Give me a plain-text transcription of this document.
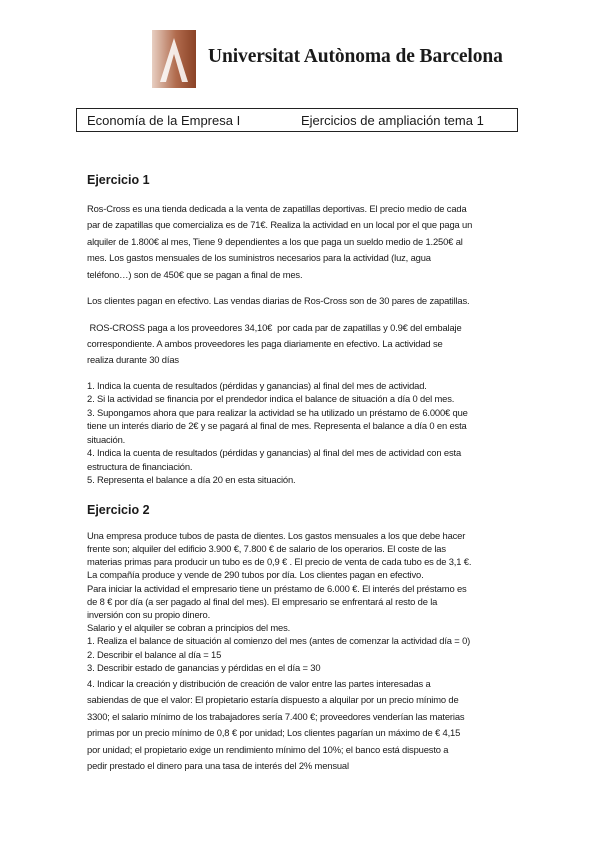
Universitat Autònoma de Barcelona
Economía de la Empresa I	Ejercicios de ampliación tema 1
Ejercicio 1
Ros-Cross es una tienda dedicada a la venta de zapatillas deportivas. El precio medio de cada
par de zapatillas que comercializa es de 71€. Realiza la actividad en un local por el que paga un
alquiler de 1.800€ al mes, Tiene 9 dependientes a los que paga un sueldo medio de 1.250€ al
mes. Los gastos mensuales de los suministros necesarios para la actividad (luz, agua
teléfono…) son de 450€ que se pagan a final de mes.

Los clientes pagan en efectivo. Las vendas diarias de Ros-Cross son de 30 pares de zapatillas.

ROS-CROSS paga a los proveedores 34,10€  por cada par de zapatillas y 0.9€ del embalaje
correspondiente. A ambos proveedores les paga diariamente en efectivo. La actividad se
realiza durante 30 días
1. Indica la cuenta de resultados (pérdidas y ganancias) al final del mes de actividad.
2. Si la actividad se financia por el prendedor indica el balance de situación a día 0 del mes.
3. Supongamos ahora que para realizar la actividad se ha utilizado un préstamo de 6.000€ que
tiene un interés diario de 2€ y se pagará al final de mes. Representa el balance a día 0 en esta
situación.
4. Indica la cuenta de resultados (pérdidas y ganancias) al final del mes de actividad con esta
estructura de financiación.
5. Representa el balance a día 20 en esta situación.
Ejercicio 2
Una empresa produce tubos de pasta de dientes. Los gastos mensuales a los que debe hacer
frente son; alquiler del edificio 3.900 €, 7.800 € de salario de los operarios. El coste de las
materias primas para producir un tubo es de 0,9 € . El precio de venta de cada tubo es de 3,1 €.
La compañía produce y vende de 290 tubos por día. Los clientes pagan en efectivo.
Para iniciar la actividad el empresario tiene un préstamo de 6.000 €. El interés del préstamo es
de 8 € por día (a ser pagado al final del mes). El empresario se enfrentará al resto de la
inversión con su propio dinero.
Salario y el alquiler se cobran a principios del mes.
1. Realiza el balance de situación al comienzo del mes (antes de comenzar la actividad día = 0)
2. Describir el balance al día = 15
3. Describir estado de ganancias y pérdidas en el día = 30
4. Indicar la creación y distribución de creación de valor entre las partes interesadas a
sabiendas de que el valor: El propietario estaría dispuesto a alquilar por un precio mínimo de
3300; el salario mínimo de los trabajadores sería 7.400 €; proveedores venderían las materias
primas por un precio mínimo de 0,8 € por unidad; Los clientes pagarían un máximo de € 4,15
por unidad; el propietario exige un rendimiento mínimo del 10%; el banco está dispuesto a
pedir prestado el dinero para una tasa de interés del 2% mensual
